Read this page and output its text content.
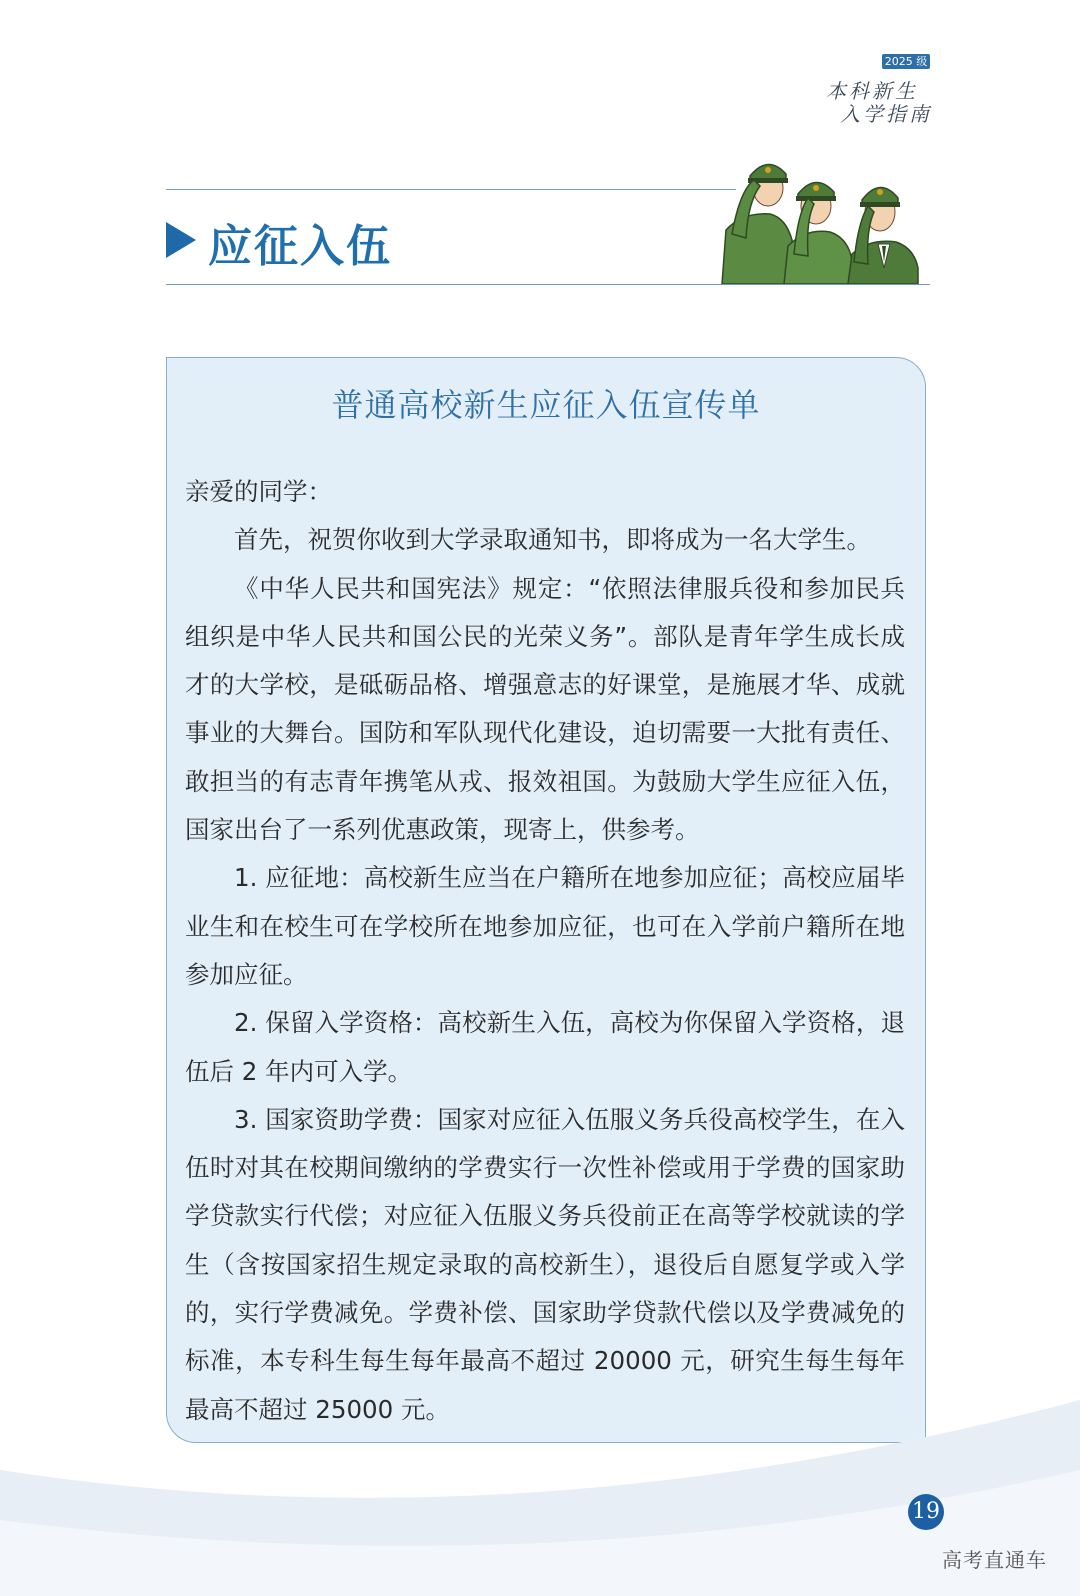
2025 级
本科新生
入学指南
应征入伍
普通高校新生应征入伍宣传单

亲爱的同学：

首先，祝贺你收到大学录取通知书，即将成为一名大学生。

《中华人民共和国宪法》规定：“依照法律服兵役和参加民兵组织是中华人民共和国公民的光荣义务”。部队是青年学生成长成才的大学校，是砥砺品格、增强意志的好课堂，是施展才华、成就事业的大舞台。国防和军队现代化建设，迫切需要一大批有责任、敢担当的有志青年携笔从戎、报效祖国。为鼓励大学生应征入伍，国家出台了一系列优惠政策，现寄上，供参考。

1. 应征地：高校新生应当在户籍所在地参加应征；高校应届毕业生和在校生可在学校所在地参加应征，也可在入学前户籍所在地参加应征。

2. 保留入学资格：高校新生入伍，高校为你保留入学资格，退伍后 2 年内可入学。

3. 国家资助学费：国家对应征入伍服义务兵役高校学生，在入伍时对其在校期间缴纳的学费实行一次性补偿或用于学费的国家助学贷款实行代偿；对应征入伍服义务兵役前正在高等学校就读的学生（含按国家招生规定录取的高校新生），退役后自愿复学或入学的，实行学费减免。学费补偿、国家助学贷款代偿以及学费减免的标准，本专科生每生每年最高不超过 20000 元，研究生每生每年最高不超过 25000 元。

19
高考直通车
